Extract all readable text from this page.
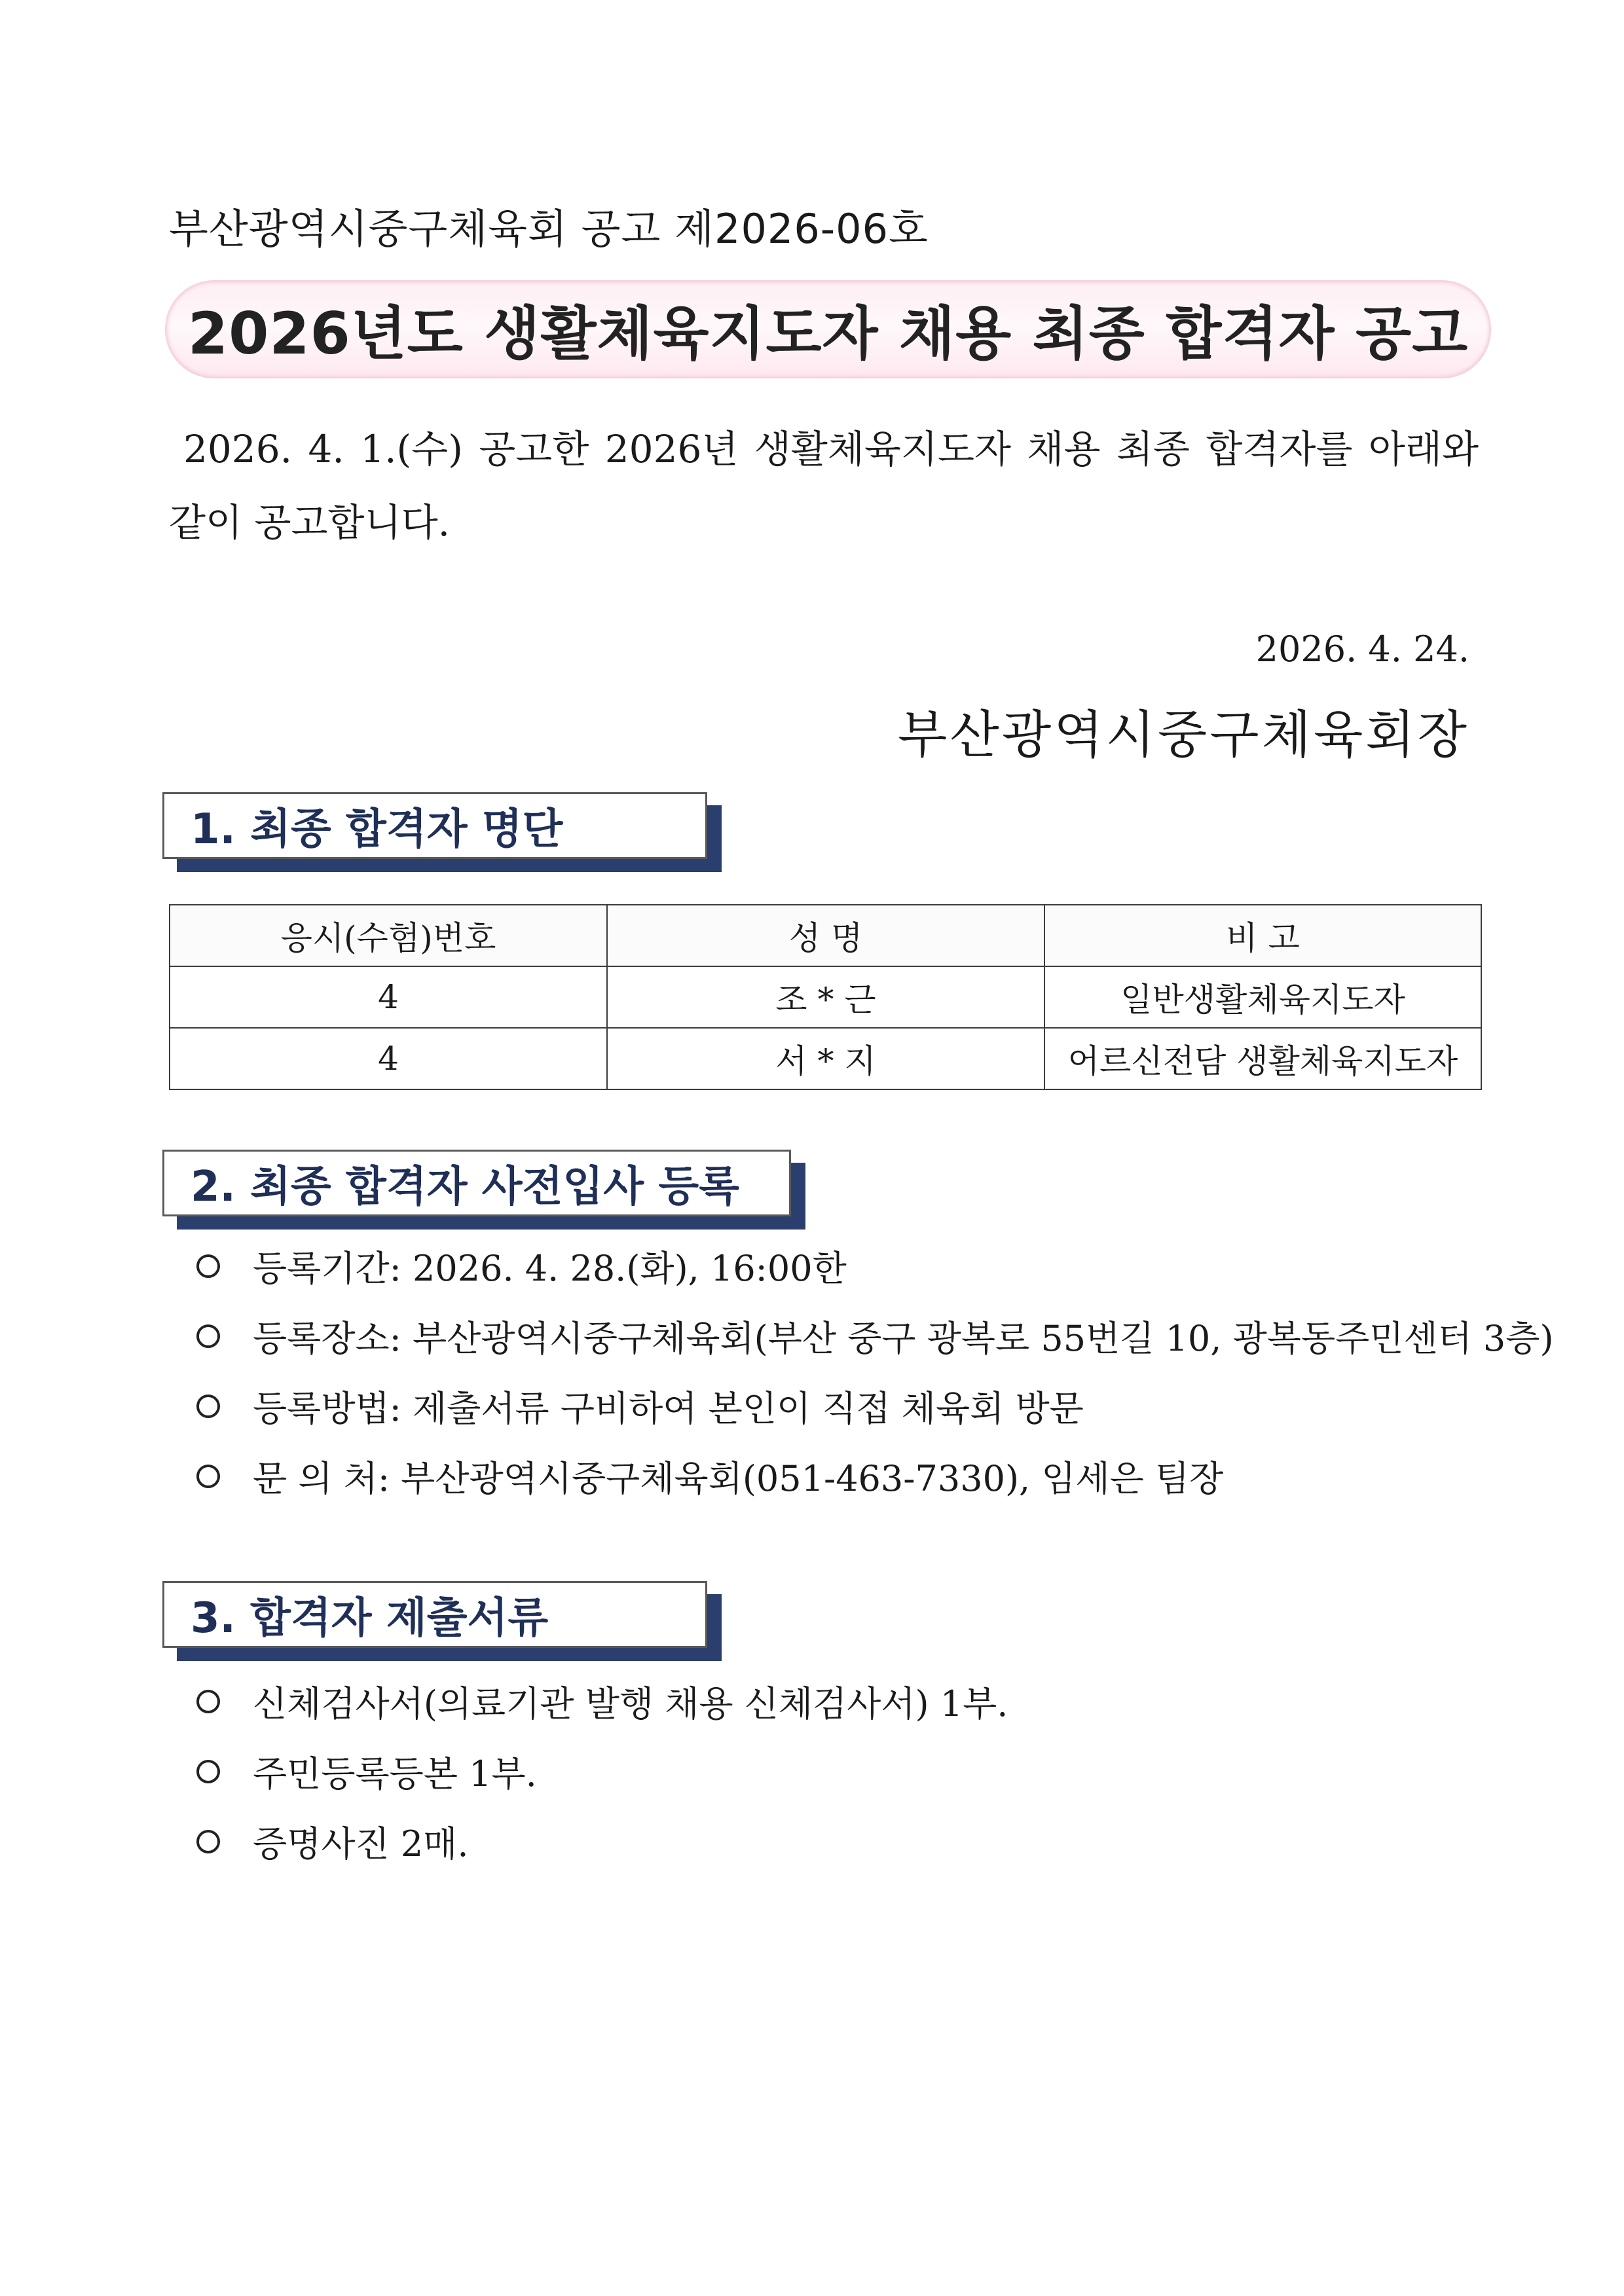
부산광역시중구체육회 공고 제2026-06호
2026년도 생활체육지도자 채용 최종 합격자 공고
2026. 4. 1.(수) 공고한 2026년 생활체육지도자 채용 최종 합격자를 아래와 같이 공고합니다.
2026. 4. 24.
부산광역시중구체육회장
1. 최종 합격자 명단
응시(수험)번호	성 명	비 고
4	조 * 근	일반생활체육지도자
4	서 * 지	어르신전담 생활체육지도자
2. 최종 합격자 사전입사 등록
등록기간: 2026. 4. 28.(화), 16:00한
등록장소: 부산광역시중구체육회(부산 중구 광복로 55번길 10, 광복동주민센터 3층)
등록방법: 제출서류 구비하여 본인이 직접 체육회 방문
문 의 처: 부산광역시중구체육회(051-463-7330), 임세은 팀장
3. 합격자 제출서류
신체검사서(의료기관 발행 채용 신체검사서) 1부.
주민등록등본 1부.
증명사진 2매.
